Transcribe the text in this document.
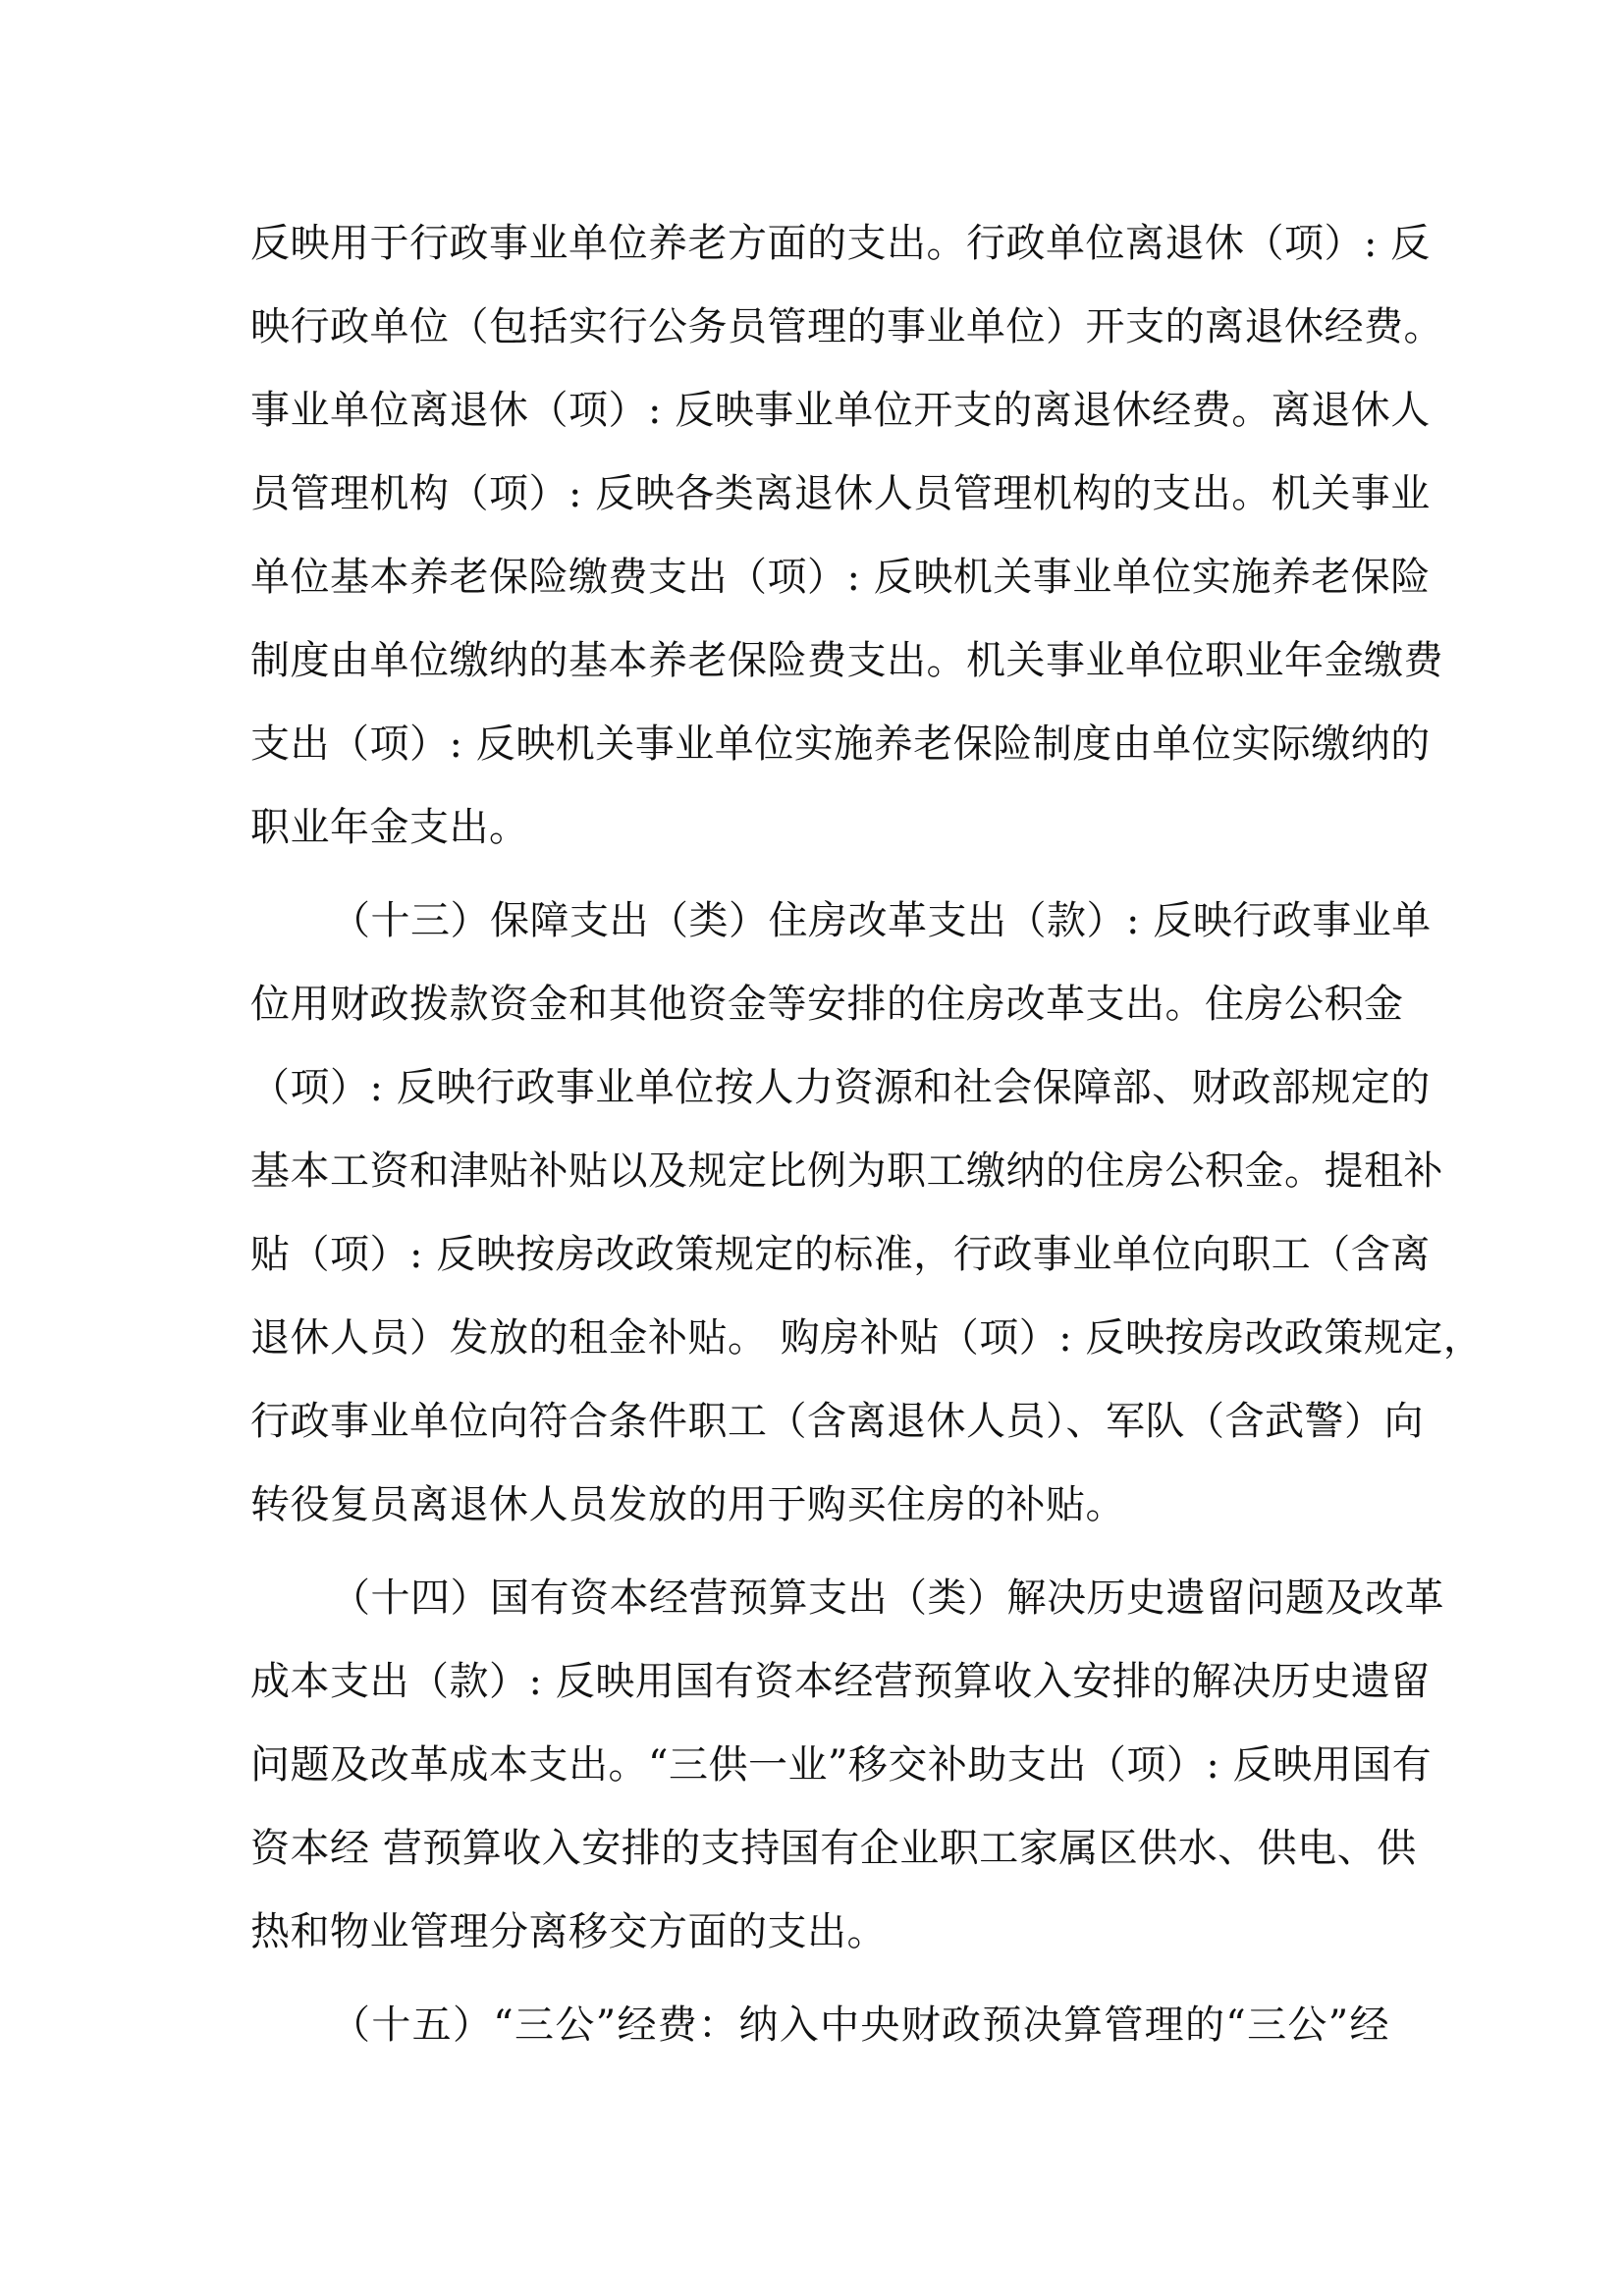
反映用于行政事业单位养老方面的支出。行政单位离退休（项）: 反
映行政单位（包括实行公务员管理的事业单位）开支的离退休经费。
事业单位离退休（项）: 反映事业单位开支的离退休经费。离退休人
员管理机构（项）: 反映各类离退休人员管理机构的支出。机关事业
单位基本养老保险缴费支出（项）: 反映机关事业单位实施养老保险
制度由单位缴纳的基本养老保险费支出。机关事业单位职业年金缴费
支出（项）: 反映机关事业单位实施养老保险制度由单位实际缴纳的
职业年金支出。
（十三）保障支出（类）住房改革支出（款）: 反映行政事业单
位用财政拨款资金和其他资金等安排的住房改革支出。住房公积金
（项）: 反映行政事业单位按人力资源和社会保障部、财政部规定的
基本工资和津贴补贴以及规定比例为职工缴纳的住房公积金。提租补
贴（项）: 反映按房改政策规定的标准，行政事业单位向职工（含离
退休人员）发放的租金补贴。 购房补贴（项）: 反映按房改政策规定，
行政事业单位向符合条件职工（含离退休人员）、军队（含武警）向
转役复员离退休人员发放的用于购买住房的补贴。
（十四）国有资本经营预算支出（类）解决历史遗留问题及改革
成本支出（款）: 反映用国有资本经营预算收入安排的解决历史遗留
问题及改革成本支出。“三供一业”移交补助支出（项）: 反映用国有
资本经 营预算收入安排的支持国有企业职工家属区供水、供电、供
热和物业管理分离移交方面的支出。
（十五）“三公”经费：纳入中央财政预决算管理的“三公”经
